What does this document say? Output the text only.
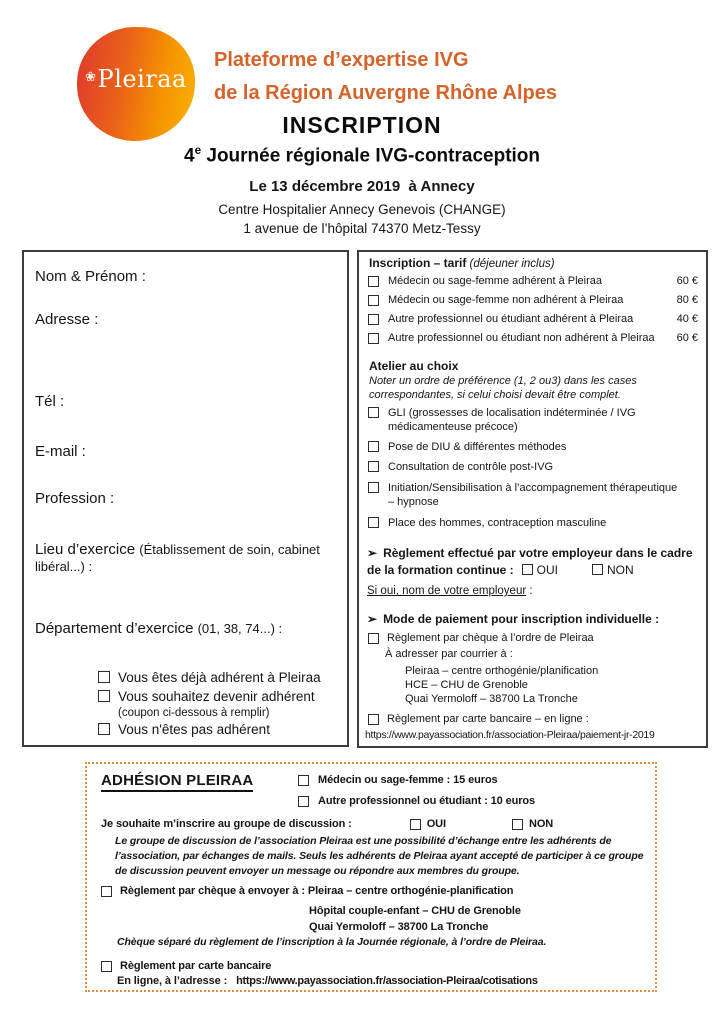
❀Pleiraa
Plateforme d’expertise IVG
de la Région Auvergne Rhône Alpes
INSCRIPTION
4e Journée régionale IVG-contraception
Le 13 décembre 2019  à Annecy
Centre Hospitalier Annecy Genevois (CHANGE)
1 avenue de l’hôpital 74370 Metz-Tessy
Nom & Prénom :
Adresse :
Tél :
E-mail :
Profession :
Lieu d’exercice (Établissement de soin, cabinet libéral...) :
Département d’exercice (01, 38, 74...) :
Vous êtes déjà adhérent à Pleiraa
Vous souhaitez devenir adhérent
(coupon ci-dessous à remplir)
Vous n'êtes pas adhérent
Inscription – tarif (déjeuner inclus)
Médecin ou sage-femme adhérent à Pleiraa	60 €
Médecin ou sage-femme non adhérent à Pleiraa	80 €
Autre professionnel ou étudiant adhérent à Pleiraa	40 €
Autre professionnel ou étudiant non adhérent à Pleiraa	60 €
Atelier au choix
Noter un ordre de préférence (1, 2 ou3) dans les cases correspondantes, si celui choisi devait être complet.
GLI (grossesses de localisation indéterminée / IVG médicamenteuse précoce)
Pose de DIU & différentes méthodes
Consultation de contrôle post-IVG
Initiation/Sensibilisation à l’accompagnement thérapeutique – hypnose
Place des hommes, contraception masculine
➢ Règlement effectué par votre employeur dans le cadre de la formation continue : OUI	NON
Si oui, nom de votre employeur :
➢ Mode de paiement pour inscription individuelle :
Règlement par chèque à l’ordre de Pleiraa
À adresser par courrier à :
Pleiraa – centre orthogénie/planification
HCE – CHU de Grenoble
Quai Yermoloff – 38700 La Tronche
Règlement par carte bancaire – en ligne :
https://www.payassociation.fr/association-Pleiraa/paiement-jr-2019
ADHÉSION PLEIRAA	Médecin ou sage-femme : 15 euros
Autre professionnel ou étudiant : 10 euros
Je souhaite m’inscrire au groupe de discussion :	OUI	NON
Le groupe de discussion de l’association Pleiraa est une possibilité d’échange entre les adhérents de l’association, par échanges de mails. Seuls les adhérents de Pleiraa ayant accepté de participer à ce groupe de discussion peuvent envoyer un message ou répondre aux membres du groupe.
Règlement par chèque à envoyer à : Pleiraa – centre orthogénie-planification
Hôpital couple-enfant – CHU de Grenoble
Quai Yermoloff – 38700 La Tronche
Chèque séparé du règlement de l’inscription à la Journée régionale, à l’ordre de Pleiraa.
Règlement par carte bancaire
En ligne, à l’adresse :   https://www.payassociation.fr/association-Pleiraa/cotisations
